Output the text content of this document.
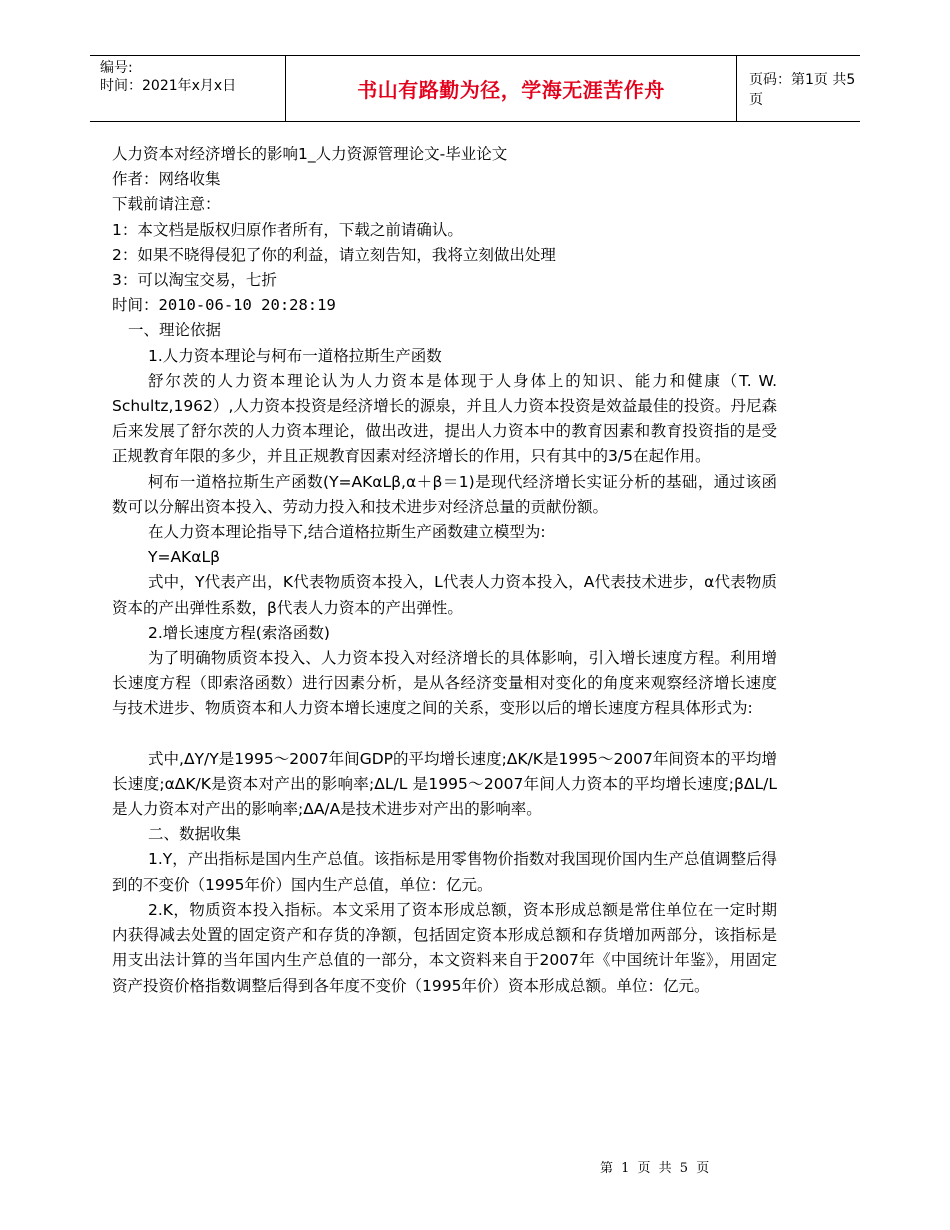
编号:
时间：2021年x月x日	书山有路勤为径，学海无涯苦作舟	页码：第1页 共5页

人力资本对经济增长的影响1_人力资源管理论文-毕业论文

作者：网络收集

下载前请注意：

1：本文档是版权归原作者所有，下载之前请确认。

2：如果不晓得侵犯了你的利益，请立刻告知，我将立刻做出处理

3：可以淘宝交易，七折

时间：2010-06-10 20:28:19

一、理论依据

1.人力资本理论与柯布一道格拉斯生产函数

舒尔茨的人力资本理论认为人力资本是体现于人身体上的知识、能力和健康（T. W. Schultz,1962）,人力资本投资是经济增长的源泉，并且人力资本投资是效益最佳的投资。丹尼森后来发展了舒尔茨的人力资本理论，做出改进，提出人力资本中的教育因素和教育投资指的是受正规教育年限的多少，并且正规教育因素对经济增长的作用，只有其中的3/5在起作用。

柯布一道格拉斯生产函数(Y=AKαLβ,α＋β＝1)是现代经济增长实证分析的基础，通过该函数可以分解出资本投入、劳动力投入和技术进步对经济总量的贡献份额。

在人力资本理论指导下,结合道格拉斯生产函数建立模型为:

Y=AKαLβ

式中，Y代表产出，K代表物质资本投入，L代表人力资本投入，A代表技术进步，α代表物质资本的产出弹性系数，β代表人力资本的产出弹性。

2.增长速度方程(索洛函数)

为了明确物质资本投入、人力资本投入对经济增长的具体影响，引入增长速度方程。利用增长速度方程（即索洛函数）进行因素分析，是从各经济变量相对变化的角度来观察经济增长速度与技术进步、物质资本和人力资本增长速度之间的关系，变形以后的增长速度方程具体形式为:

式中,ΔY/Y是1995～2007年间GDP的平均增长速度;ΔK/K是1995～2007年间资本的平均增长速度;αΔK/K是资本对产出的影响率;ΔL/L 是1995～2007年间人力资本的平均增长速度;βΔL/L是人力资本对产出的影响率;ΔA/A是技术进步对产出的影响率。

二、数据收集

1.Y，产出指标是国内生产总值。该指标是用零售物价指数对我国现价国内生产总值调整后得到的不变价（1995年价）国内生产总值，单位：亿元。

2.K，物质资本投入指标。本文采用了资本形成总额，资本形成总额是常住单位在一定时期内获得减去处置的固定资产和存货的净额，包括固定资本形成总额和存货增加两部分，该指标是用支出法计算的当年国内生产总值的一部分，本文资料来自于2007年《中国统计年鉴》，用固定资产投资价格指数调整后得到各年度不变价（1995年价）资本形成总额。单位：亿元。

第 1 页 共 5 页
